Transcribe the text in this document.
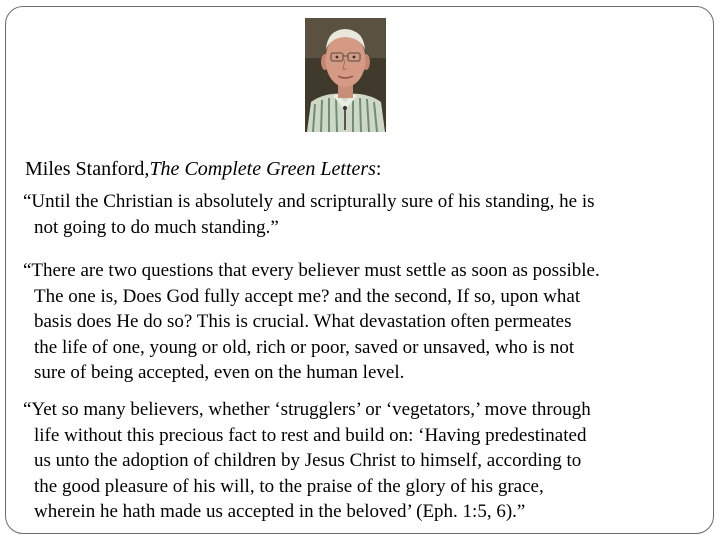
Miles Stanford,The Complete Green Letters:
“Until the Christian is absolutely and scripturally sure of his standing, he is
not going to do much standing.”
“There are two questions that every believer must settle as soon as possible.
The one is, Does God fully accept me? and the second, If so, upon what
basis does He do so? This is crucial. What devastation often permeates
the life of one, young or old, rich or poor, saved or unsaved, who is not
sure of being accepted, even on the human level.
“Yet so many believers, whether ‘strugglers’ or ‘vegetators,’ move through
life without this precious fact to rest and build on: ‘Having predestinated
us unto the adoption of children by Jesus Christ to himself, according to
the good pleasure of his will, to the praise of the glory of his grace,
wherein he hath made us accepted in the beloved’ (Eph. 1:5, 6).”
